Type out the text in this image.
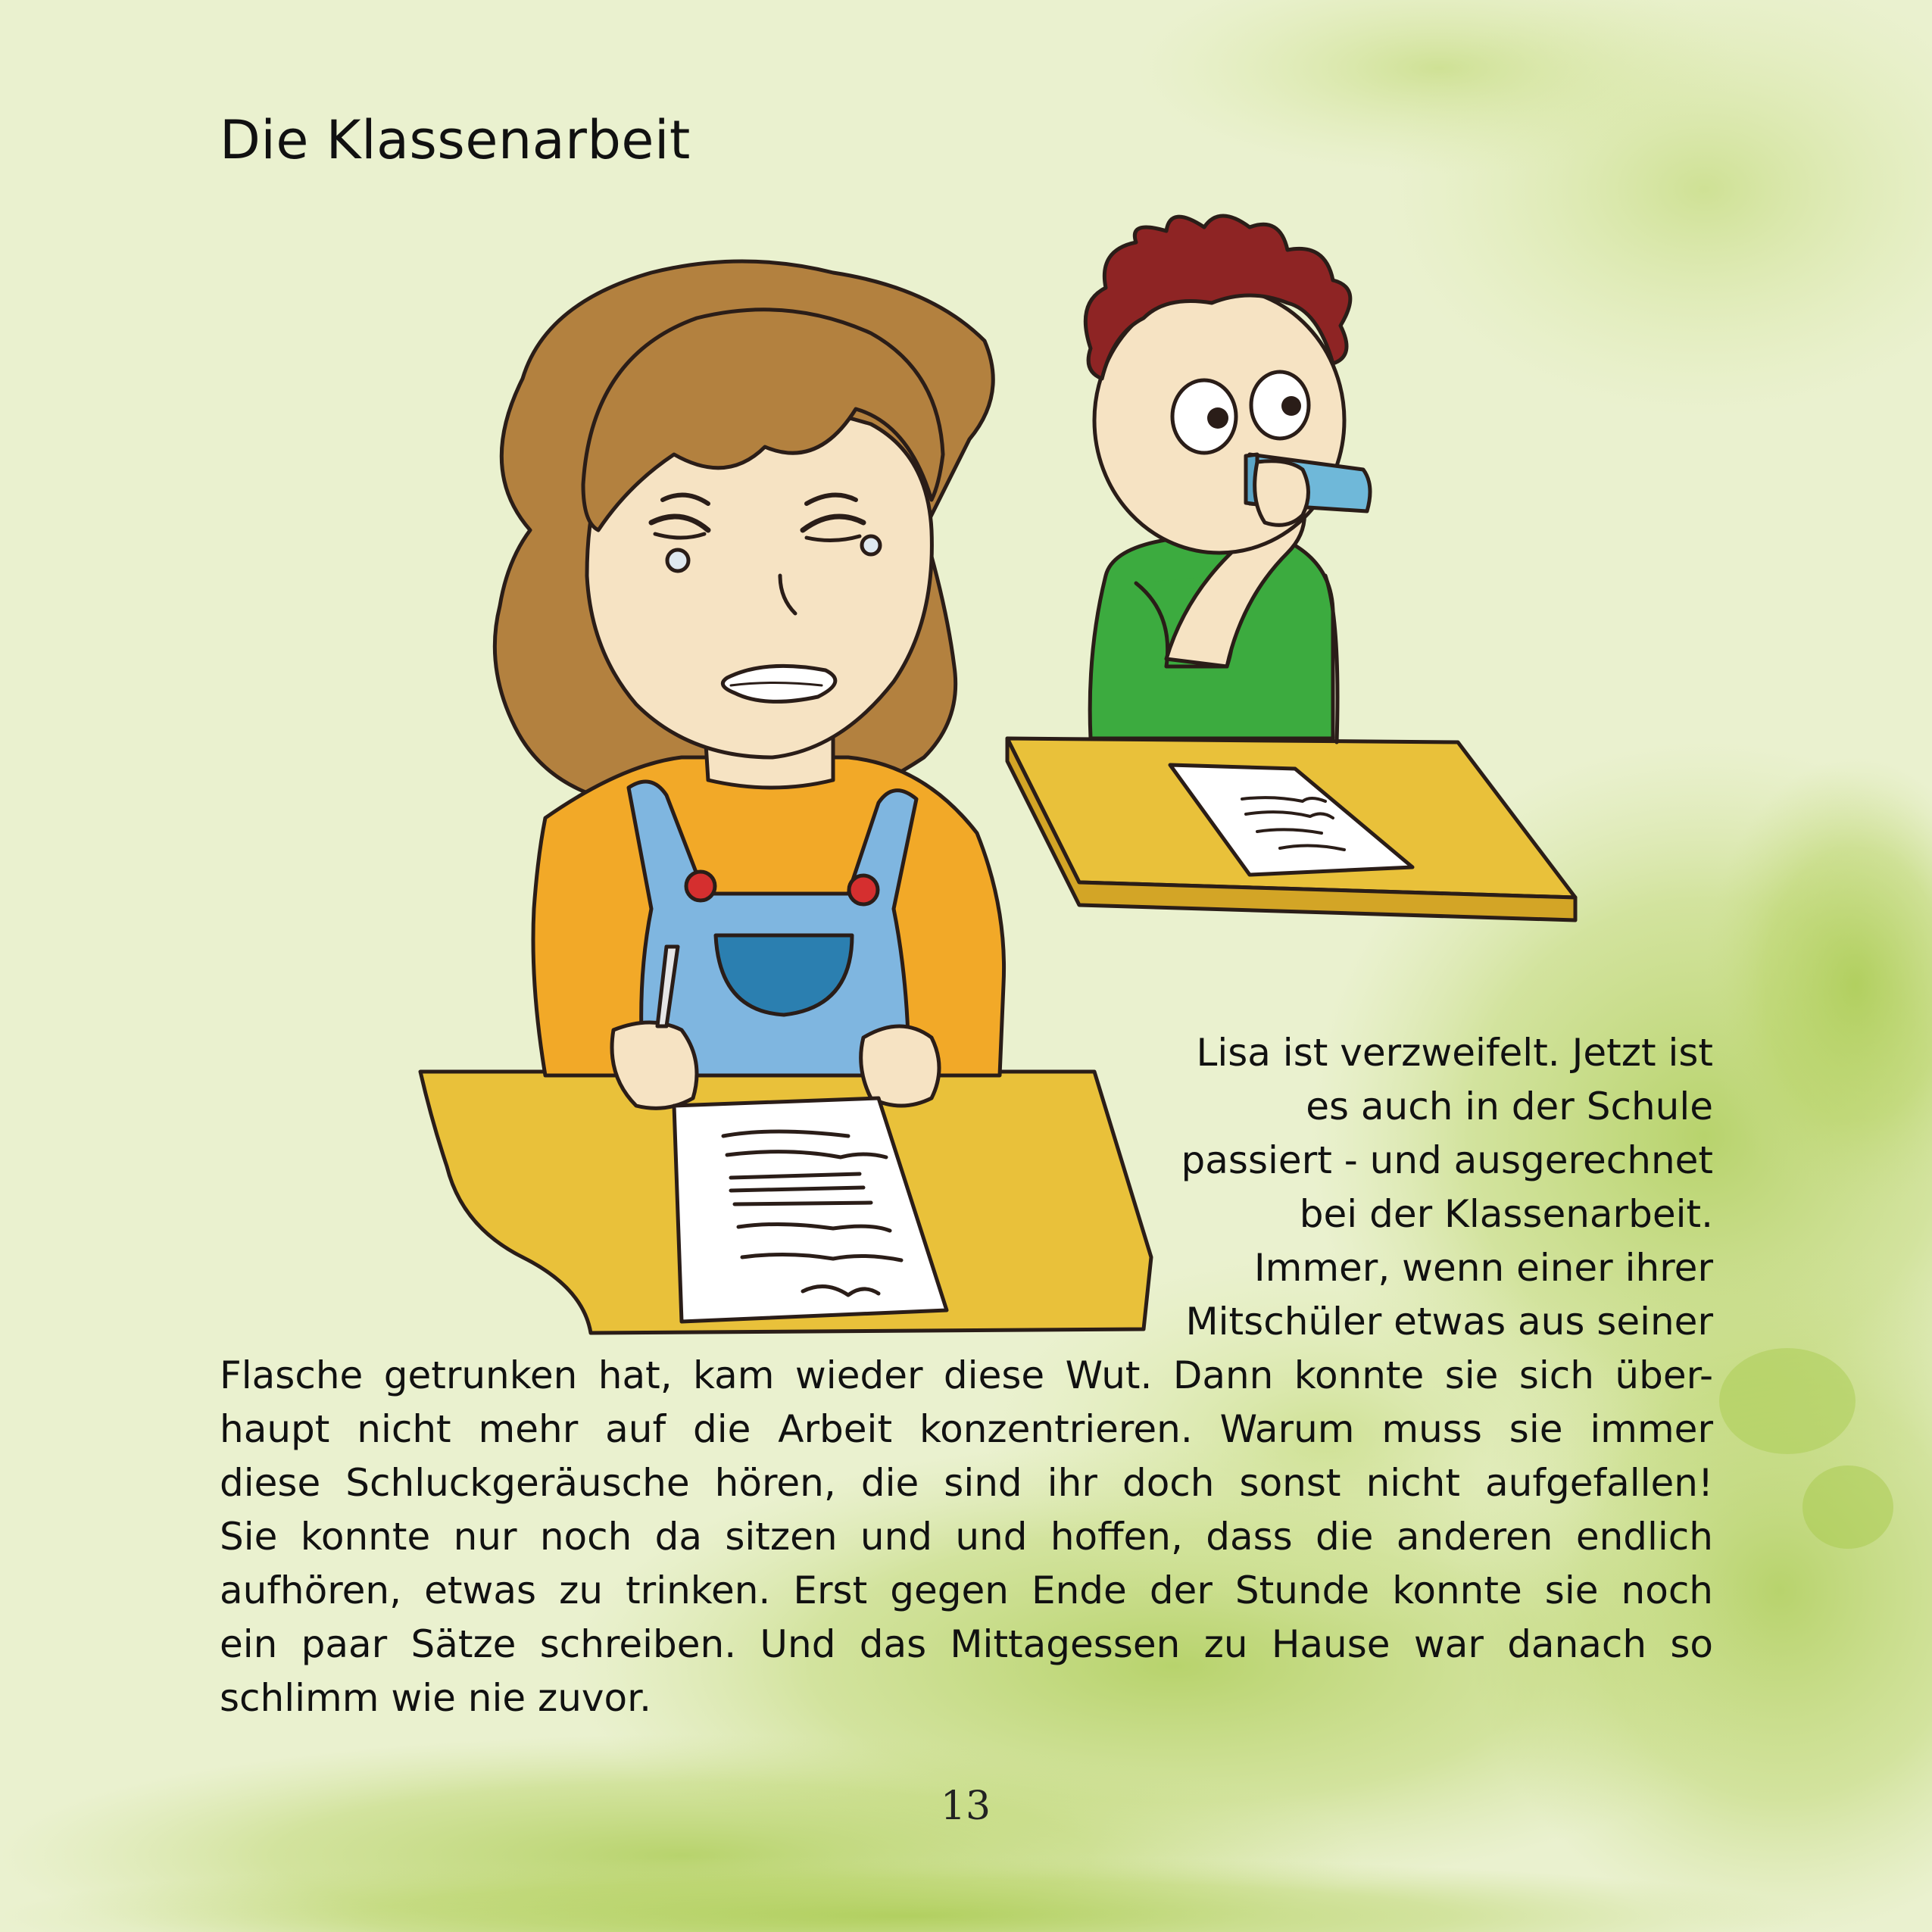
Die Klassenarbeit
Lisa ist verzweifelt. Jetzt ist
es auch in der Schule
passiert - und ausgerechnet
bei der Klassenarbeit.
Immer, wenn einer ihrer
Mitschüler etwas aus seiner
Flasche getrunken hat, kam wieder diese Wut. Dann konnte sie sich über-
haupt nicht mehr auf die Arbeit konzentrieren. Warum muss sie immer
diese Schluckgeräusche hören, die sind ihr doch sonst nicht aufgefallen!
Sie konnte nur noch da sitzen und und hoffen, dass die anderen endlich
aufhören, etwas zu trinken. Erst gegen Ende der Stunde konnte sie noch
ein paar Sätze schreiben. Und das Mittagessen zu Hause war danach so
schlimm wie nie zuvor.
13
